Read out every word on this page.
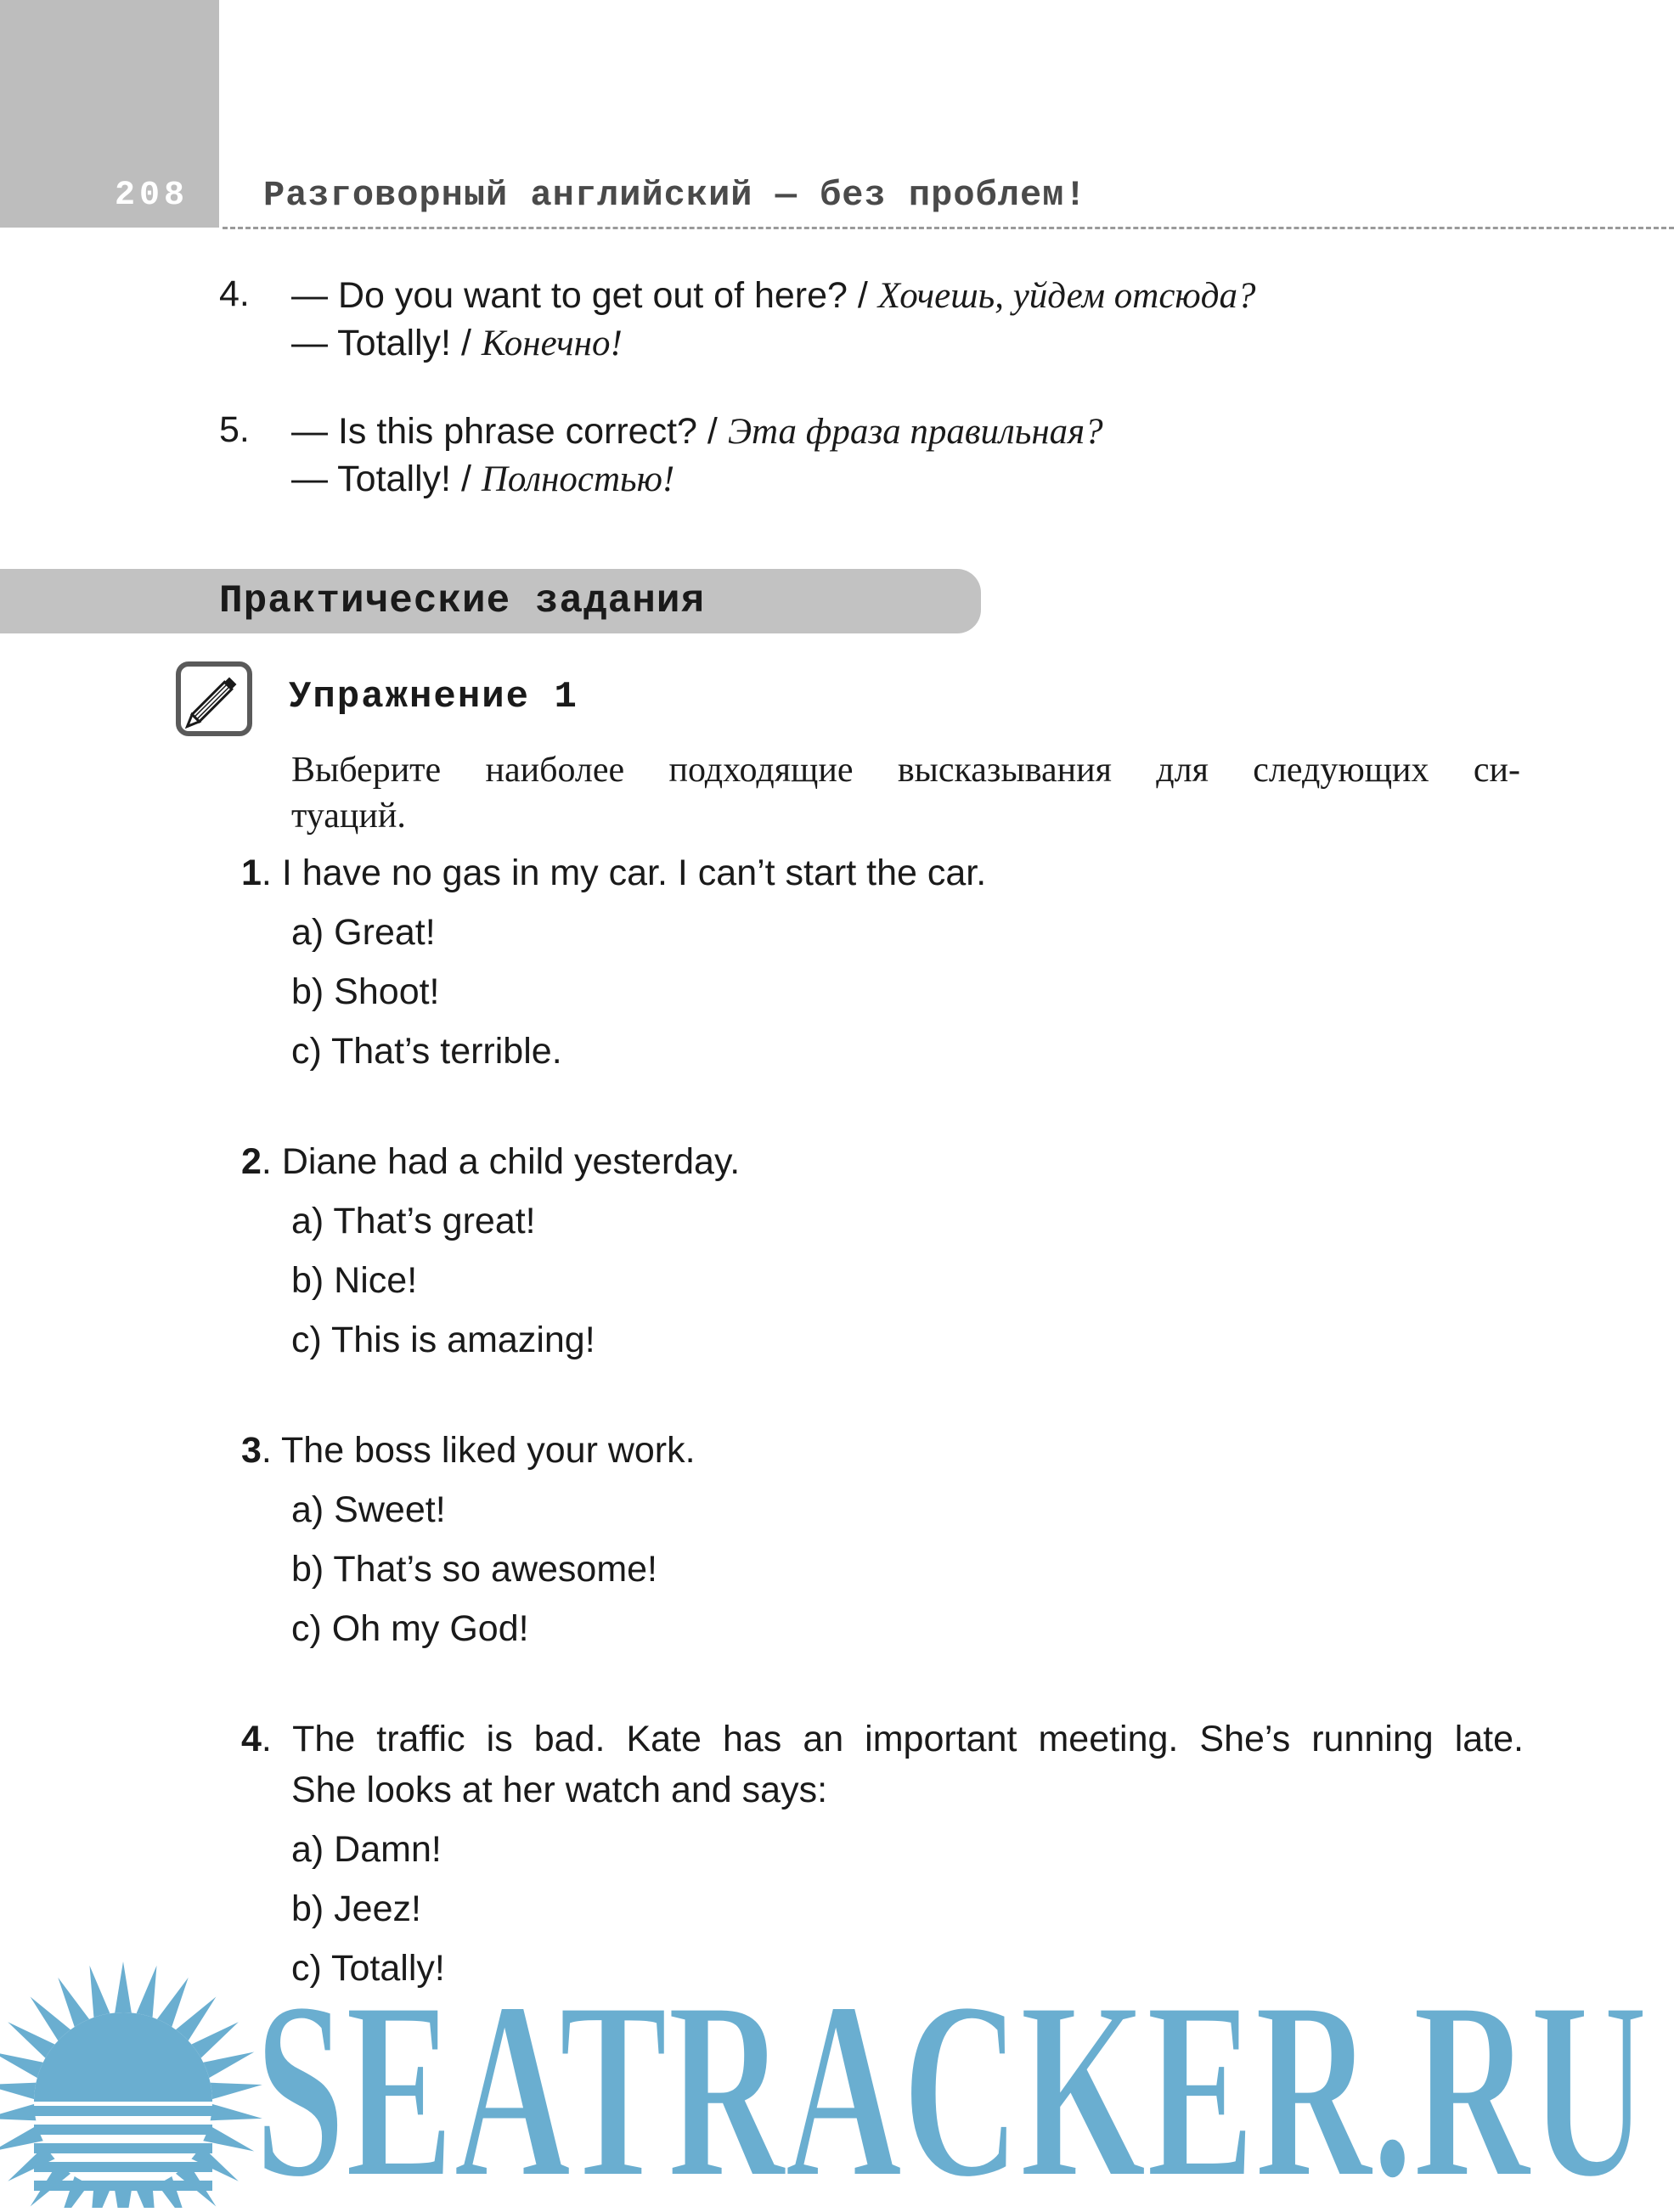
208 Разговорный английский — без проблем!
4. — Do you want to get out of here? / Хочешь, уйдем отсюда?
— Totally! / Конечно!
5. — Is this phrase correct? / Эта фраза правильная?
— Totally! / Полностью!
Практические задания
Упражнение 1
Выберите наиболее подходящие высказывания для следующих си-
туаций.
1. I have no gas in my car. I can’t start the car.
a) Great!
b) Shoot!
c) That’s terrible.
2. Diane had a child yesterday.
a) That’s great!
b) Nice!
c) This is amazing!
3. The boss liked your work.
a) Sweet!
b) That’s so awesome!
c) Oh my God!
4. The traffic is bad. Kate has an important meeting. She’s running late.
She looks at her watch and says:
a) Damn!
b) Jeez!
c) Totally!
SEATRACKER.RU
